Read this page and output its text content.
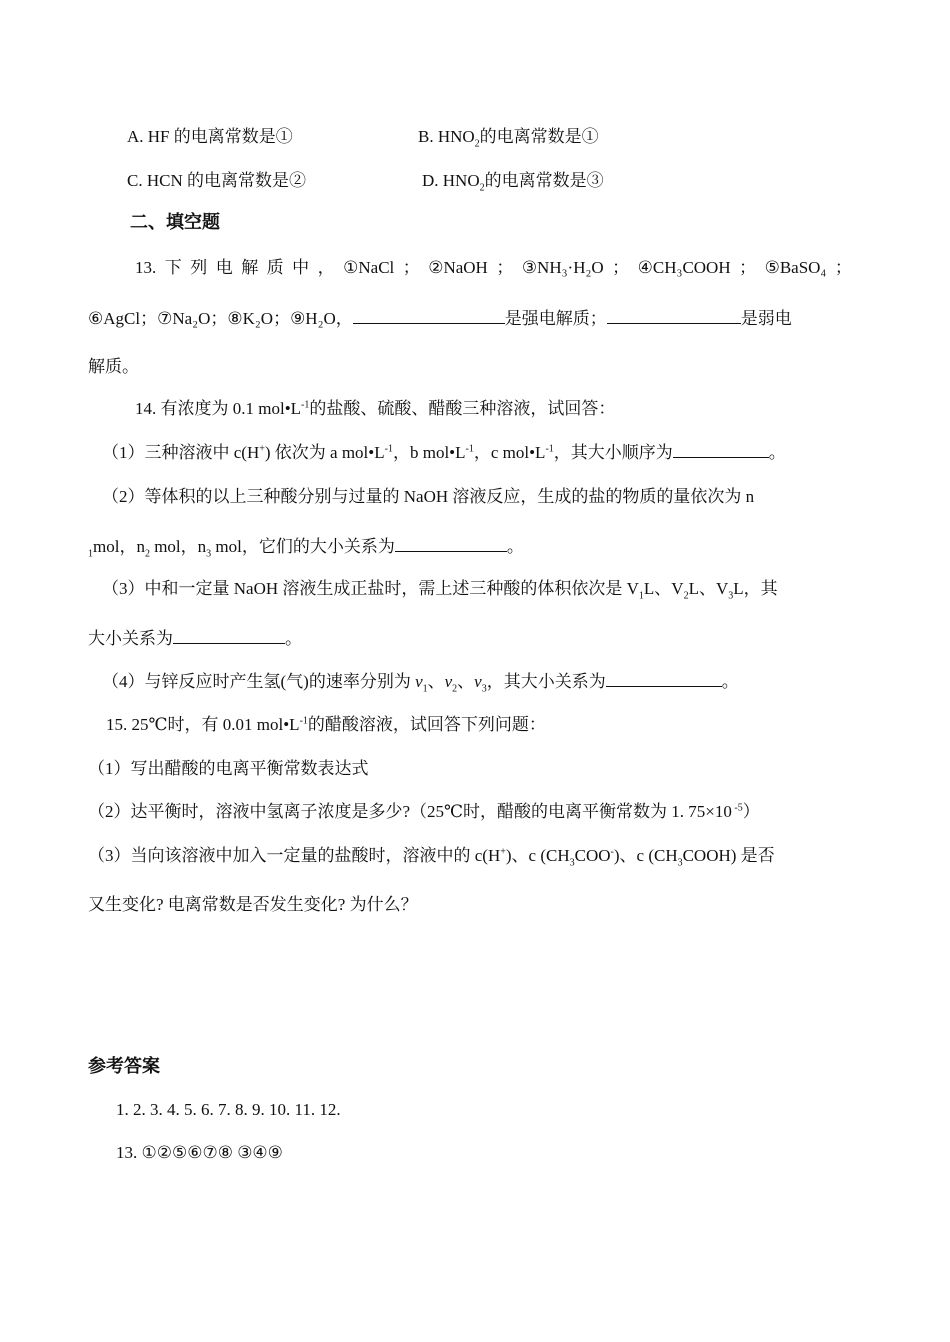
A. HF 的电离常数是①	B. $HNO_2$的电离常数是①
C. HCN 的电离常数是②	D. $HNO_2$的电离常数是③
二、填空题
13. 下 列 电 解 质 中 ， ①NaCl ； ②NaOH ； ③NH₃·H₂O ； ④CH₃COOH ； ⑤BaSO₄ ；
⑥AgCl；⑦Na₂O；⑧K₂O；⑨H₂O，	是强电解质；	是弱电
解质。
14. 有浓度为 0.1 $mol•L^{-1}$的盐酸、硫酸、醋酸三种溶液，试回答：
（1）三种溶液中 c(H+) 依次为 a $mol•L^{-1}$，b $mol•L^{-1}$，c $mol•L^{-1}$，其大小顺序为	。
（2）等体积的以上三种酸分别与过量的 NaOH 溶液反应，生成的盐的物质的量依次为 n
$_1$mol，$n_2$ mol，$n_3$ mol，它们的大小关系为	。
（3）中和一定量 NaOH 溶液生成正盐时，需上述三种酸的体积依次是 $V_1L$、$V_2L$、$V_3L$，其
大小关系为	。
（4）与锌反应时产生氢(气)的速率分别为 $v_1$、$v_2$、$v_3$，其大小关系为	。
15. 25℃时，有 0.01 $mol•L^{-1}$的醋酸溶液，试回答下列问题：
（1）写出醋酸的电离平衡常数表达式
（2）达平衡时，溶液中氢离子浓度是多少?（25℃时，醋酸的电离平衡常数为 1. 75×10 $^{-5}$）
（3）当向该溶液中加入一定量的盐酸时，溶液中的 c(H+)、c $(CH_3COO^-)$、c $(CH_3COOH)$ 是否
又生变化? 电离常数是否发生变化? 为什么？
参考答案
1. 2. 3. 4. 5. 6. 7. 8. 9. 10. 11. 12.
13. ①②⑤⑥⑦⑧ ③④⑨
